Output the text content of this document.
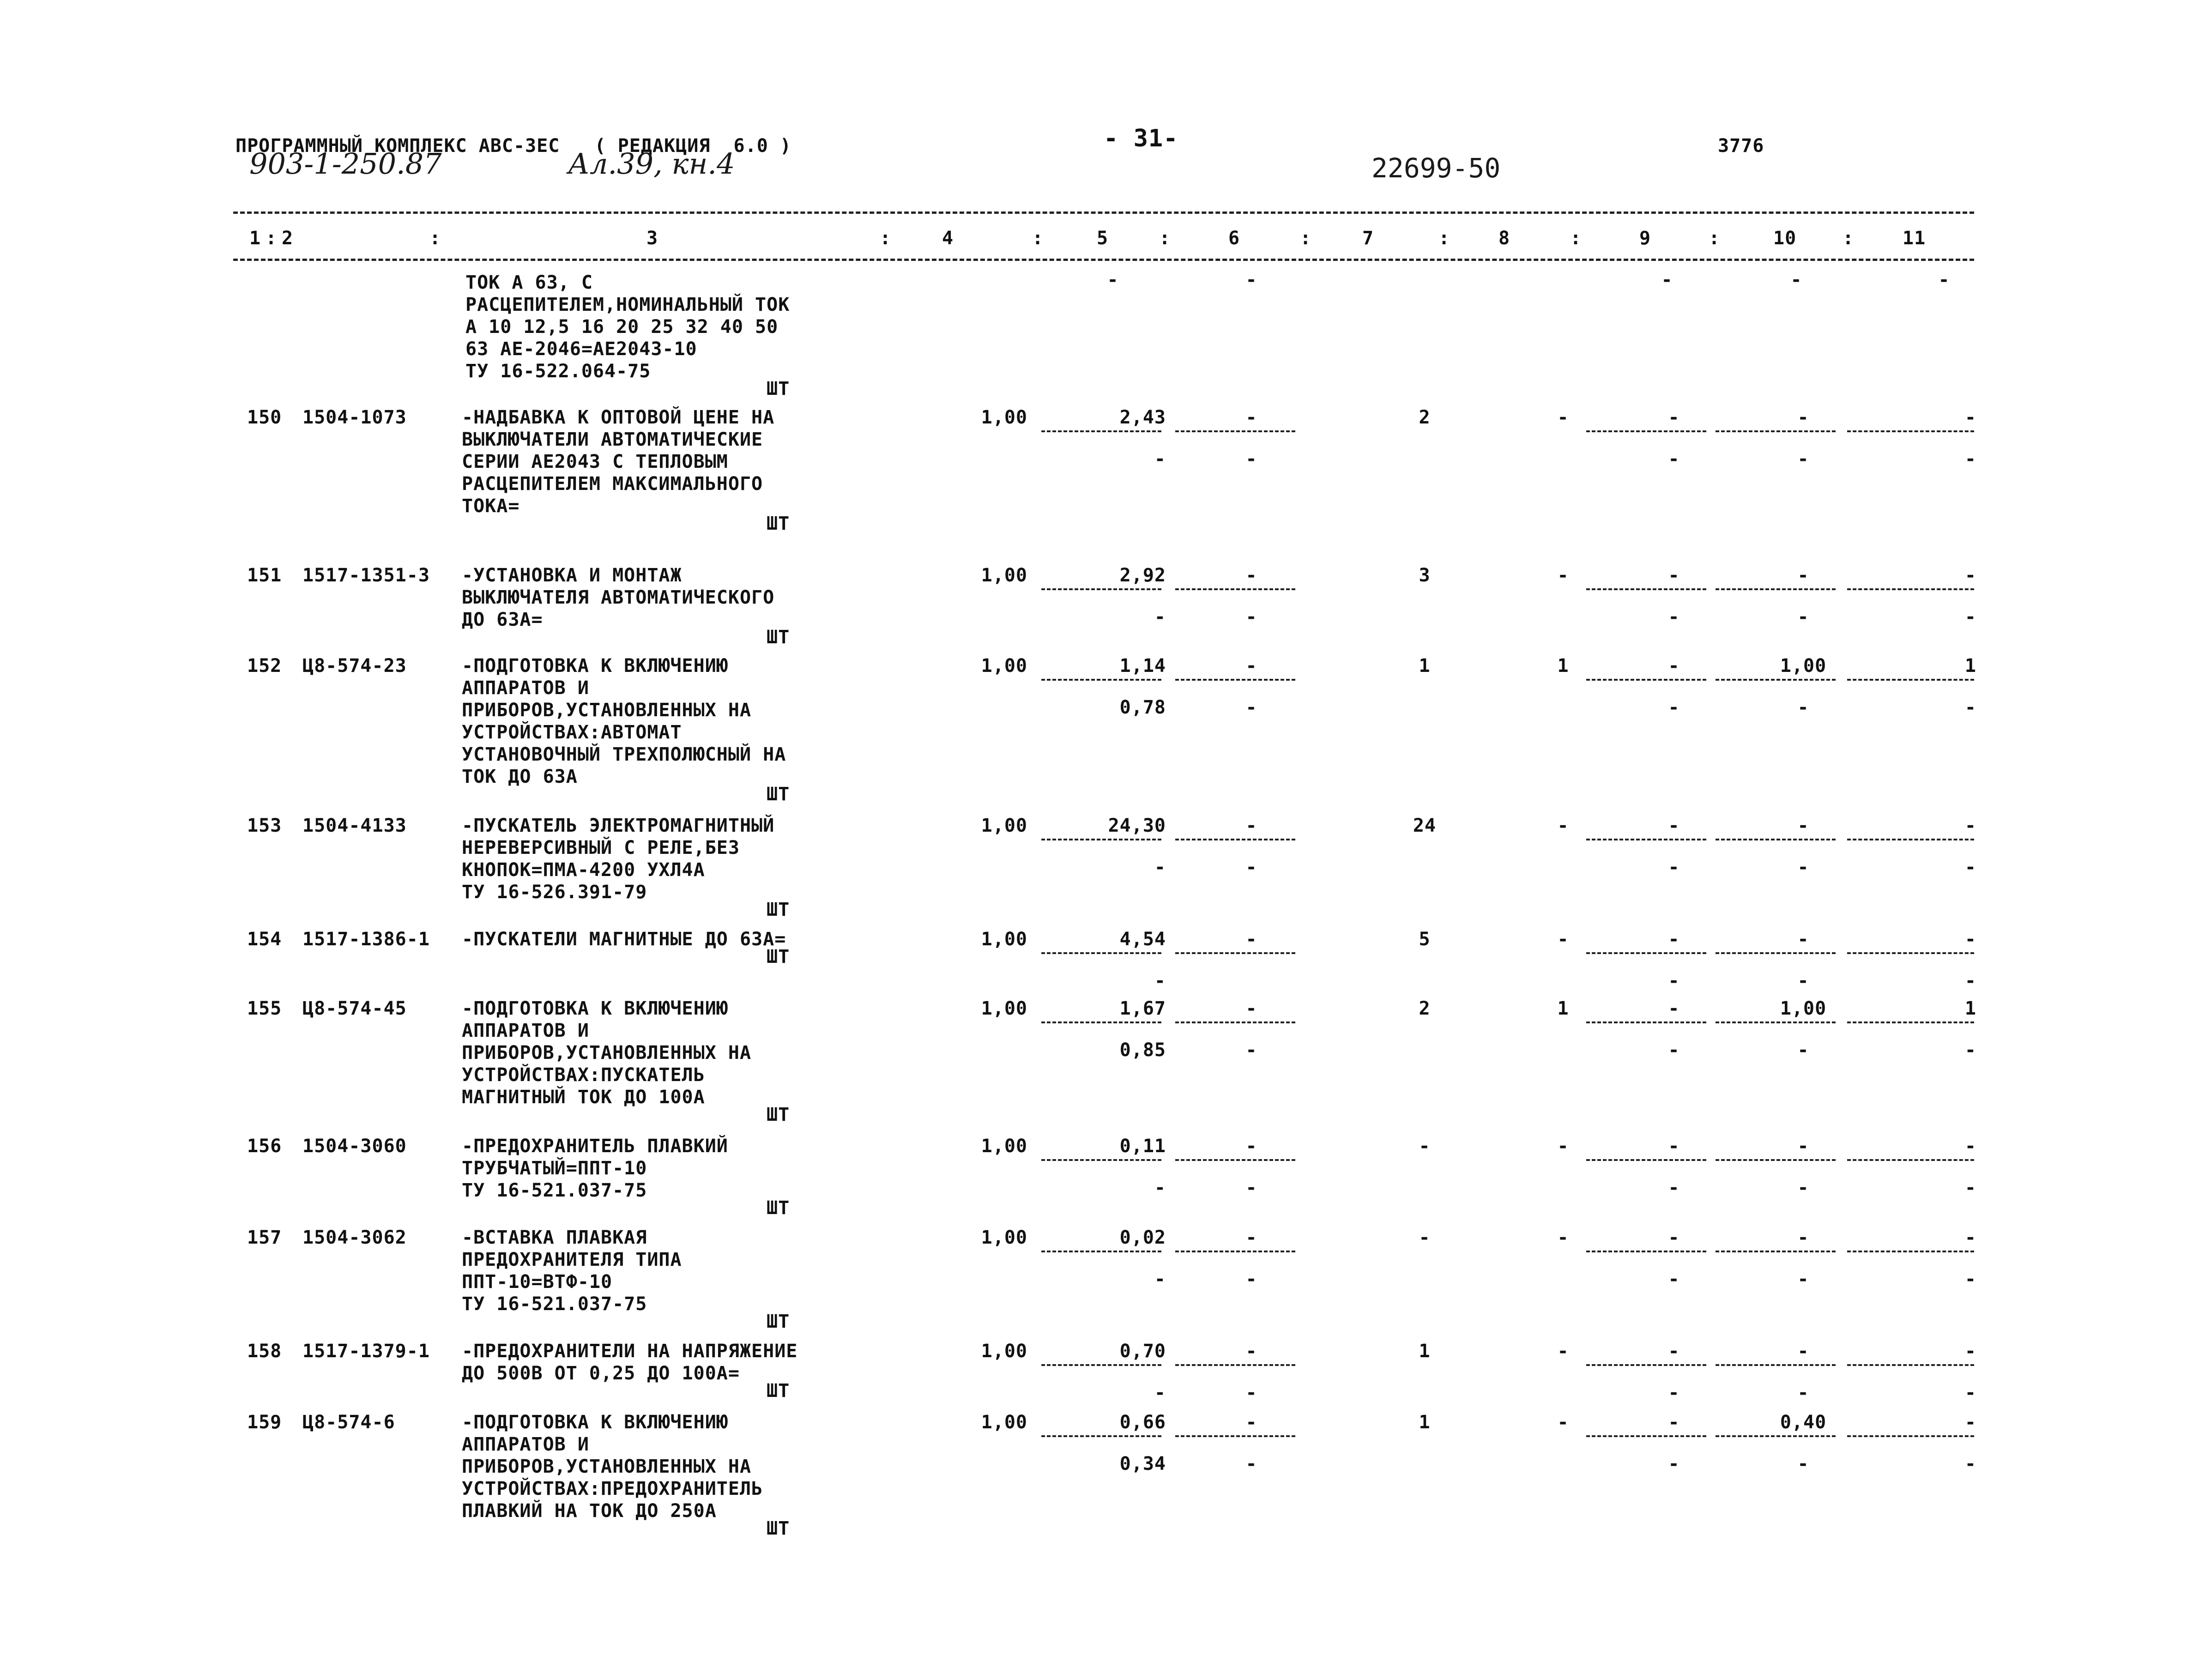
ПРОГРАММНЫЙ КОМПЛЕКС АВС-3ЕС   ( РЕДАКЦИЯ  6.0 )	- 31-	3776
903-1-250.87	Ал.39, кн.4	22699-50
1 2	3	4	5	6	7	8	9	10	11
:	:	:	:	:	:	:	:	:	:
ТОК А 63, С
РАСЦЕПИТЕЛЕМ,НОМИНАЛЬНЫЙ ТОК
А 10 12,5 16 20 25 32 40 50
63 АЕ-2046=АЕ2043-10
ТУ 16-522.064-75
ШТ
-	-	-	-	-
150 1504-1073	-НАДБАВКА К ОПТОВОЙ ЦЕНЕ НА
ВЫКЛЮЧАТЕЛИ АВТОМАТИЧЕСКИЕ
СЕРИИ АЕ2043 С ТЕПЛОВЫМ
РАСЦЕПИТЕЛЕМ МАКСИМАЛЬНОГО
ТОКА=
ШТ
1,00	2,43	-	2	-	-	-	-
-	-	-	-	-
151 1517-1351-3 -УСТАНОВКА И МОНТАЖ
ВЫКЛЮЧАТЕЛЯ АВТОМАТИЧЕСКОГО
ДО 63А=
ШТ
1,00	2,92	-	3	-	-	-	-
-	-	-	-	-
152 Ц8-574-23	-ПОДГОТОВКА К ВКЛЮЧЕНИЮ
АППАРАТОВ И
ПРИБОРОВ,УСТАНОВЛЕННЫХ НА
УСТРОЙСТВАХ:АВТОМАТ
УСТАНОВОЧНЫЙ ТРЕХПОЛЮСНЫЙ НА
ТОК ДО 63А
ШТ
1,00	1,14	-	1	1	-	1,00	1
0,78	-	-	-	-
153 1504-4133	-ПУСКАТЕЛЬ ЭЛЕКТРОМАГНИТНЫЙ
НЕРЕВЕРСИВНЫЙ С РЕЛЕ,БЕЗ
КНОПОК=ПМА-4200 УХЛ4А
ТУ 16-526.391-79
ШТ
1,00	24,30	-	24	-	-	-	-
-	-	-	-	-
154 1517-1386-1 -ПУСКАТЕЛИ МАГНИТНЫЕ ДО 63А=
ШТ
1,00	4,54	-	5	-	-	-	-
-	-	-	-
155 Ц8-574-45	-ПОДГОТОВКА К ВКЛЮЧЕНИЮ
АППАРАТОВ И
ПРИБОРОВ,УСТАНОВЛЕННЫХ НА
УСТРОЙСТВАХ:ПУСКАТЕЛЬ
МАГНИТНЫЙ ТОК ДО 100А
ШТ
1,00	1,67	-	2	1	-	1,00	1
0,85	-	-	-	-
156 1504-3060	-ПРЕДОХРАНИТЕЛЬ ПЛАВКИЙ
ТРУБЧАТЫЙ=ППТ-10
ТУ 16-521.037-75
ШТ
1,00	0,11	-	-	-	-	-	-
-	-	-	-	-
157 1504-3062	-ВСТАВКА ПЛАВКАЯ
ПРЕДОХРАНИТЕЛЯ ТИПА
ППТ-10=ВТФ-10
ТУ 16-521.037-75
ШТ
1,00	0,02	-	-	-	-	-	-
-	-	-	-	-
158 1517-1379-1 -ПРЕДОХРАНИТЕЛИ НА НАПРЯЖЕНИЕ
ДО 500В ОТ 0,25 ДО 100А=
ШТ
1,00	0,70	-	1	-	-	-	-
-	-	-	-	-
159 Ц8-574-6	-ПОДГОТОВКА К ВКЛЮЧЕНИЮ
АППАРАТОВ И
ПРИБОРОВ,УСТАНОВЛЕННЫХ НА
УСТРОЙСТВАХ:ПРЕДОХРАНИТЕЛЬ
ПЛАВКИЙ НА ТОК ДО 250А
ШТ
1,00	0,66	-	1	-	-	0,40	-
0,34	-	-	-	-
